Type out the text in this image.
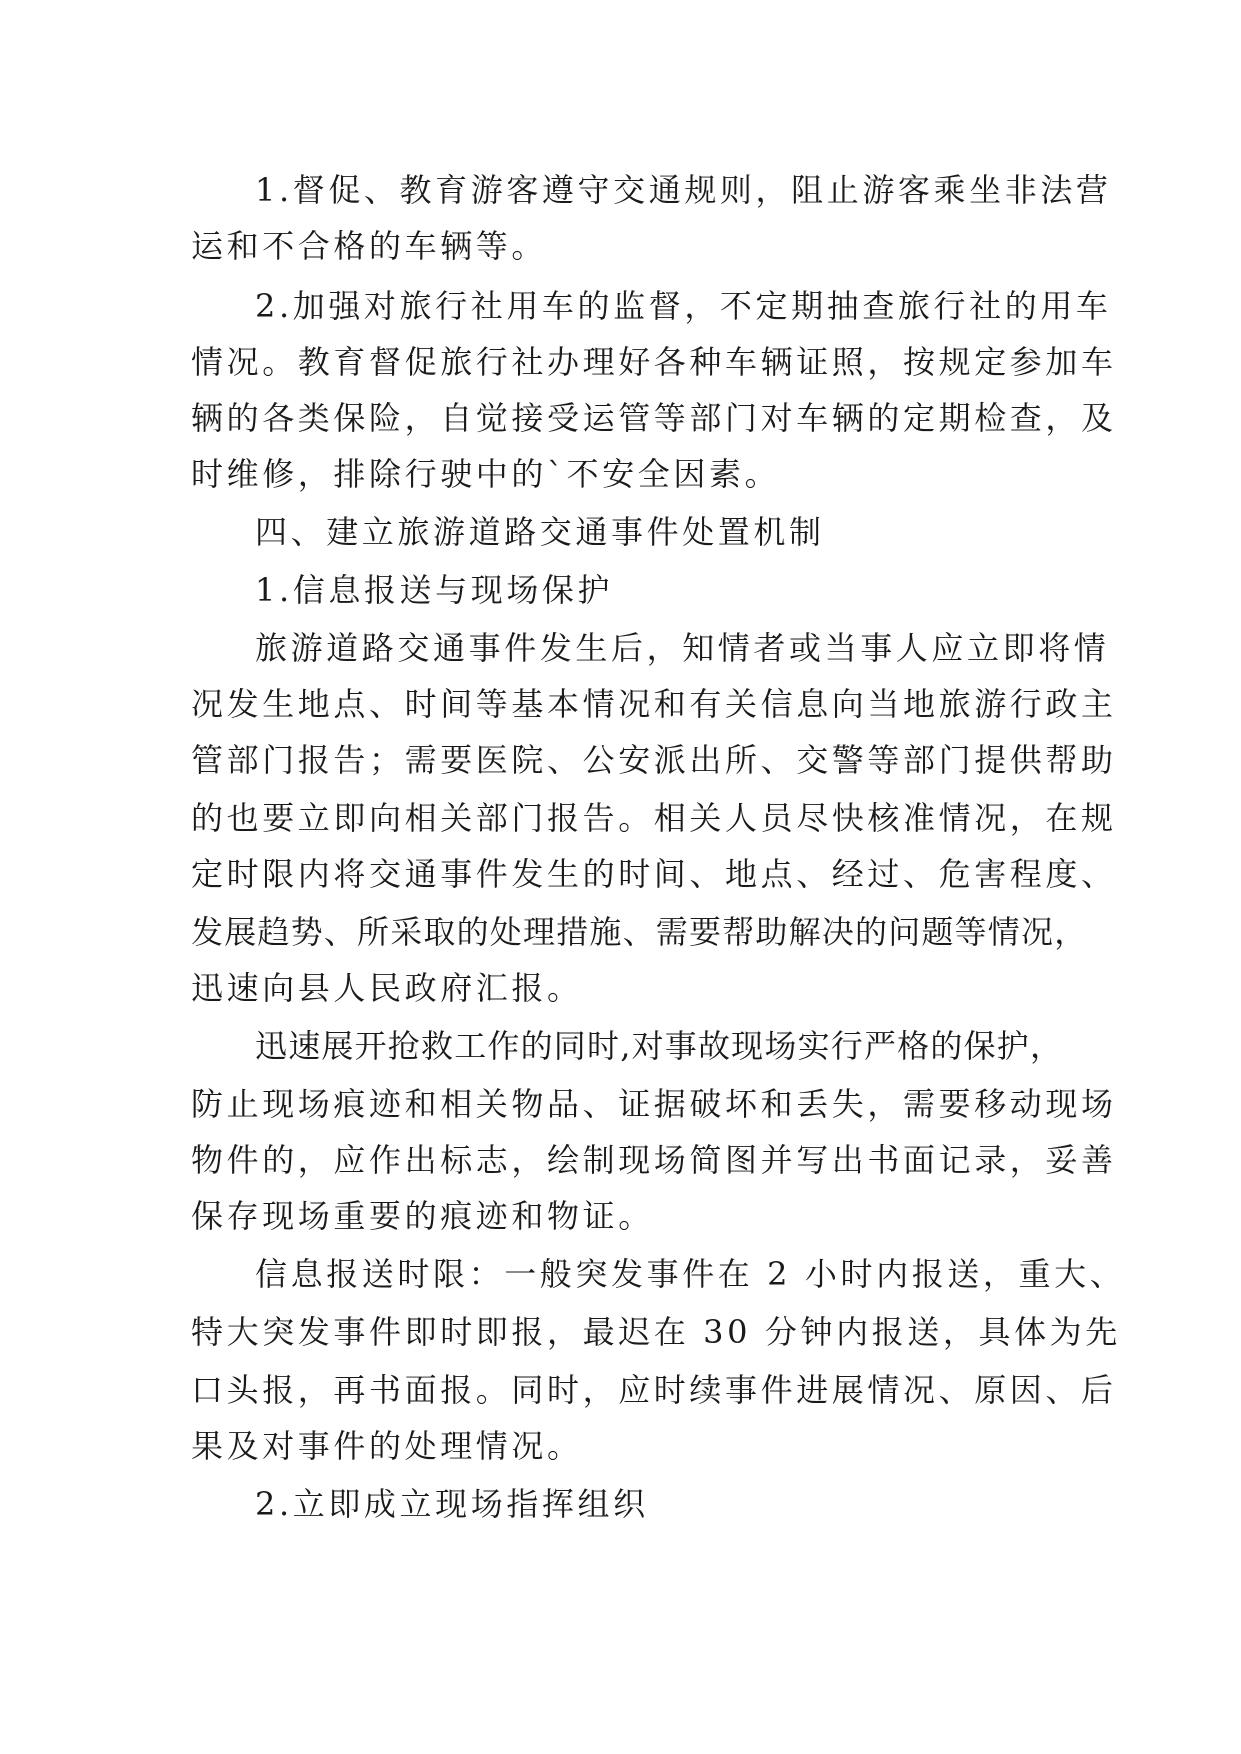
1.督促、教育游客遵守交通规则，阻止游客乘坐非法营

运和不合格的车辆等。

2.加强对旅行社用车的监督，不定期抽查旅行社的用车

情况。教育督促旅行社办理好各种车辆证照，按规定参加车

辆的各类保险，自觉接受运管等部门对车辆的定期检查，及

时维修，排除行驶中的`不安全因素。

四、建立旅游道路交通事件处置机制

1.信息报送与现场保护

旅游道路交通事件发生后，知情者或当事人应立即将情

况发生地点、时间等基本情况和有关信息向当地旅游行政主

管部门报告；需要医院、公安派出所、交警等部门提供帮助

的也要立即向相关部门报告。相关人员尽快核准情况，在规

定时限内将交通事件发生的时间、地点、经过、危害程度、

发展趋势、所采取的处理措施、需要帮助解决的问题等情况，

迅速向县人民政府汇报。

迅速展开抢救工作的同时,对事故现场实行严格的保护，

防止现场痕迹和相关物品、证据破坏和丢失，需要移动现场

物件的，应作出标志，绘制现场简图并写出书面记录，妥善

保存现场重要的痕迹和物证。

信息报送时限：一般突发事件在 2 小时内报送，重大、

特大突发事件即时即报，最迟在 30 分钟内报送，具体为先

口头报，再书面报。同时，应时续事件进展情况、原因、后

果及对事件的处理情况。

2.立即成立现场指挥组织
